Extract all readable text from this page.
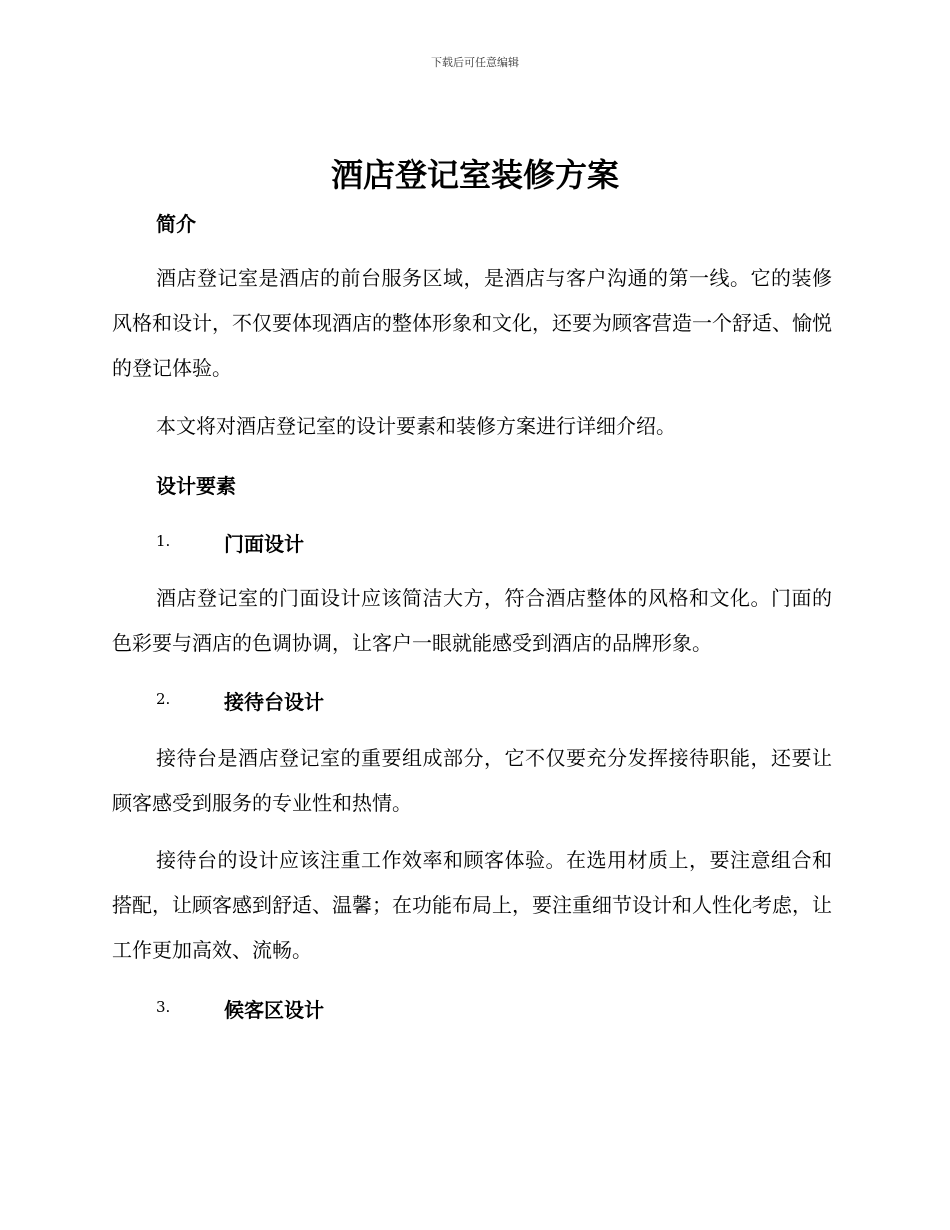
下载后可任意编辑
酒店登记室装修方案
简介

酒店登记室是酒店的前台服务区域，是酒店与客户沟通的第一线。它的装修风格和设计，不仅要体现酒店的整体形象和文化，还要为顾客营造一个舒适、愉悦的登记体验。

本文将对酒店登记室的设计要素和装修方案进行详细介绍。

设计要素
1.	门面设计

酒店登记室的门面设计应该简洁大方，符合酒店整体的风格和文化。门面的色彩要与酒店的色调协调，让客户一眼就能感受到酒店的品牌形象。

2.	接待台设计

接待台是酒店登记室的重要组成部分，它不仅要充分发挥接待职能，还要让顾客感受到服务的专业性和热情。

接待台的设计应该注重工作效率和顾客体验。在选用材质上，要注意组合和搭配，让顾客感到舒适、温馨；在功能布局上，要注重细节设计和人性化考虑，让工作更加高效、流畅。

3.	候客区设计
